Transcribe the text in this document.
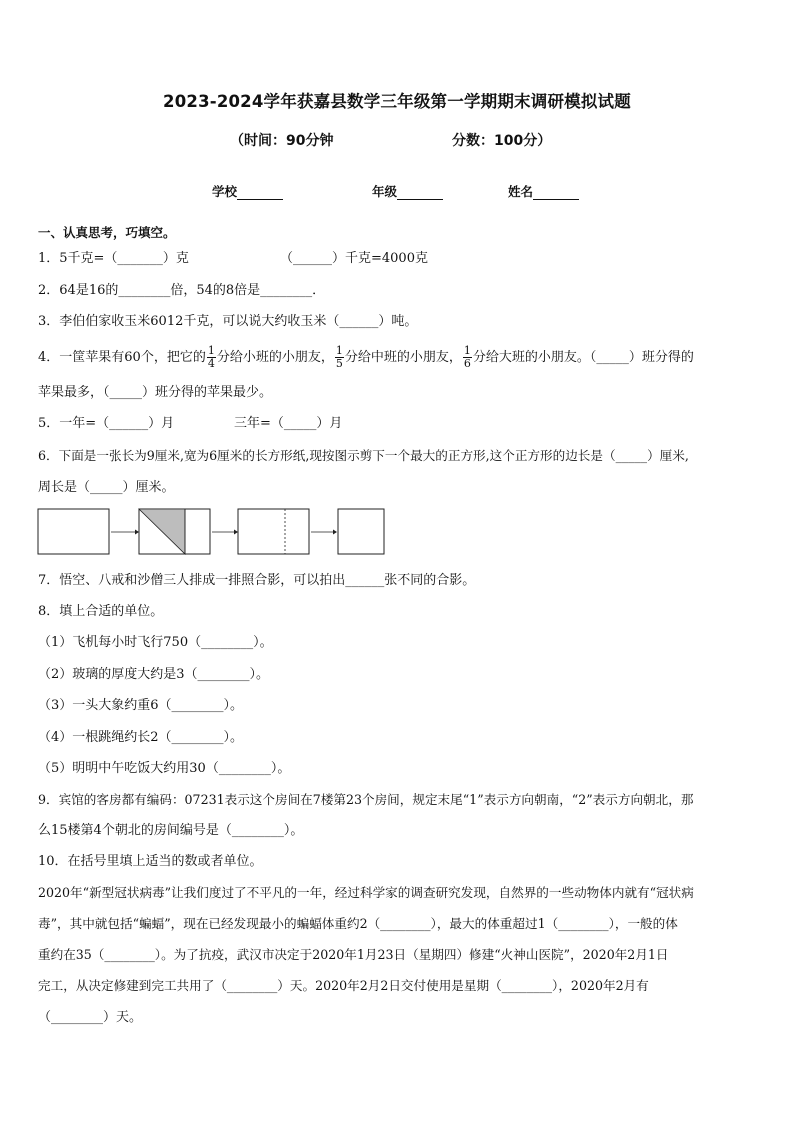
2023-2024学年获嘉县数学三年级第一学期期末调研模拟试题
（时间：90分钟	分数：100分）
学校	年级	姓名
一、认真思考，巧填空。
1．5千克=（_______）克	（______）千克=4000克
2．64是16的________倍，54的8倍是________．
3．李伯伯家收玉米6012千克，可以说大约收玉米（______）吨。
4．一筐苹果有60个，把它的 $\frac{1}{4}$ 分给小班的小朋友， $\frac{1}{5}$ 分给中班的小朋友， $\frac{1}{6}$ 分给大班的小朋友。（_____）班分得的
苹果最多，（_____）班分得的苹果最少。
5．一年=（______）月	三年=（_____）月
6．下面是一张长为9厘米,宽为6厘米的长方形纸,现按图示剪下一个最大的正方形,这个正方形的边长是（_____）厘米,
周长是（_____）厘米。
7．悟空、八戒和沙僧三人排成一排照合影，可以拍出______张不同的合影。
8．填上合适的单位。
（1）飞机每小时飞行750（________）。
（2）玻璃的厚度大约是3（________）。
（3）一头大象约重6（________）。
（4）一根跳绳约长2（________）。
（5）明明中午吃饭大约用30（________）。
9．宾馆的客房都有编码：07231表示这个房间在7楼第23个房间，规定末尾“1”表示方向朝南，“2”表示方向朝北，那
么15楼第4个朝北的房间编号是（________）。
10．在括号里填上适当的数或者单位。
2020年“新型冠状病毒”让我们度过了不平凡的一年，经过科学家的调查研究发现，自然界的一些动物体内就有“冠状病
毒”，其中就包括“蝙蝠”，现在已经发现最小的蝙蝠体重约2（________），最大的体重超过1（________），一般的体
重约在35（________）。为了抗疫，武汉市决定于2020年1月23日（星期四）修建“火神山医院”，2020年2月1日
完工，从决定修建到完工共用了（________）天。2020年2月2日交付使用是星期（________），2020年2月有
（________）天。
